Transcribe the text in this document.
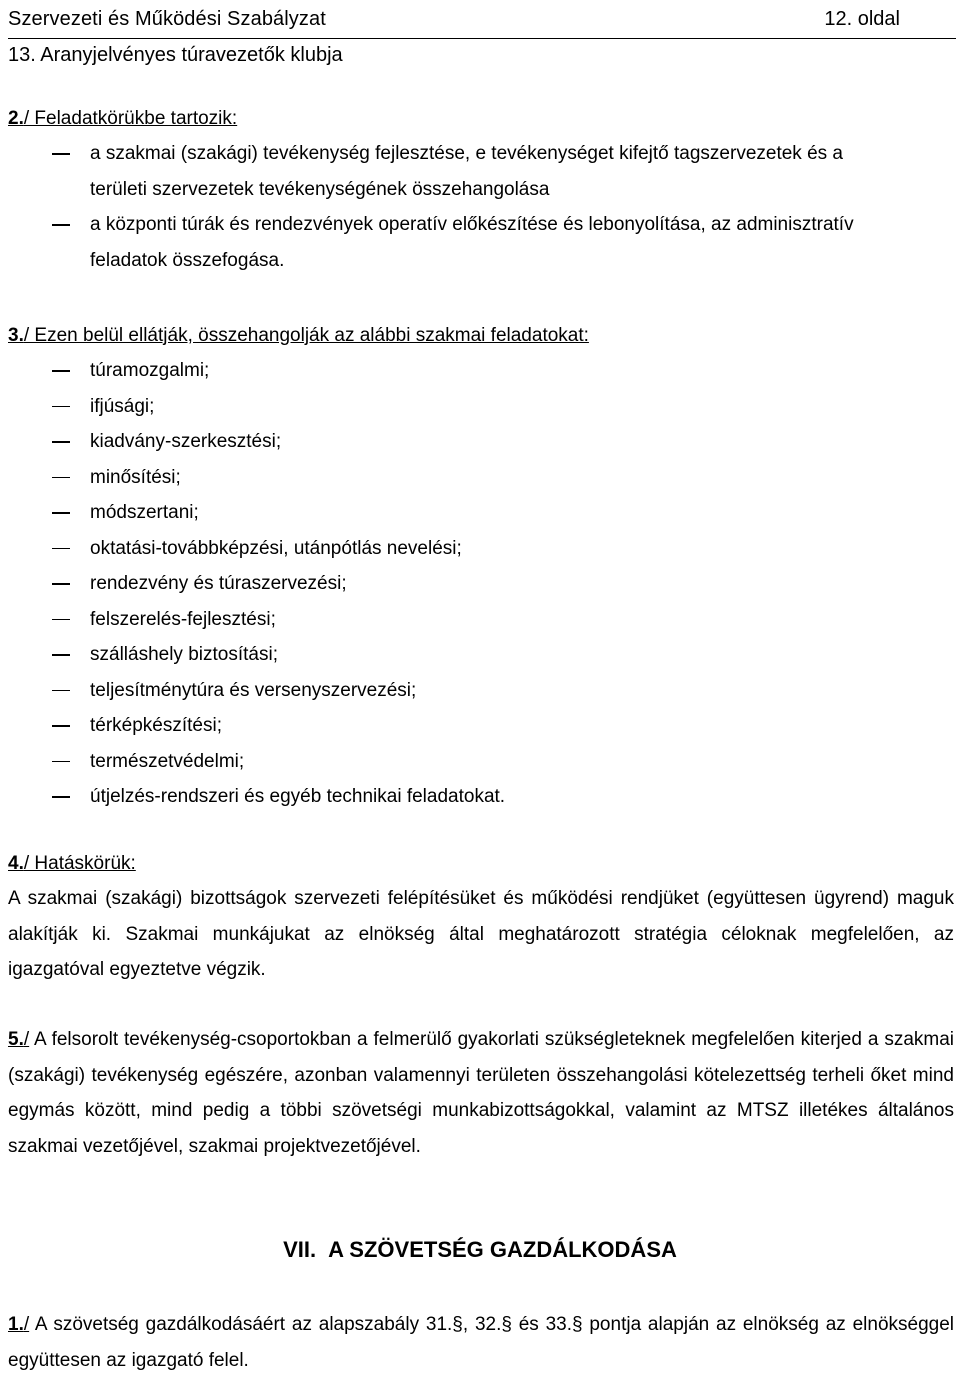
Szervezeti és Működési Szabályzat	12. oldal
13. Aranyjelvényes túravezetők klubja
2./ Feladatkörükbe tartozik:
a szakmai (szakági) tevékenység fejlesztése, e tevékenységet kifejtő tagszervezetek és a
területi szervezetek tevékenységének összehangolása
a központi túrák és rendezvények operatív előkészítése és lebonyolítása, az adminisztratív
feladatok összefogása.
3./ Ezen belül ellátják, összehangolják az alábbi szakmai feladatokat:
túramozgalmi;
ifjúsági;
kiadvány-szerkesztési;
minősítési;
módszertani;
oktatási-továbbképzési, utánpótlás nevelési;
rendezvény és túraszervezési;
felszerelés-fejlesztési;
szálláshely biztosítási;
teljesítménytúra és versenyszervezési;
térképkészítési;
természetvédelmi;
útjelzés-rendszeri és egyéb technikai feladatokat.
4./ Hatáskörük:

A szakmai (szakági) bizottságok szervezeti felépítésüket és működési rendjüket (együttesen ügyrend) maguk alakítják ki. Szakmai munkájukat az elnökség által meghatározott stratégia céloknak megfelelően, az igazgatóval egyeztetve végzik.

5./ A felsorolt tevékenység-csoportokban a felmerülő gyakorlati szükségleteknek megfelelően kiterjed a szakmai (szakági) tevékenység egészére, azonban valamennyi területen összehangolási kötelezettség terheli őket mind egymás között, mind pedig a többi szövetségi munkabizottságokkal, valamint az MTSZ illetékes általános szakmai vezetőjével, szakmai projektvezetőjével.

VII. A SZÖVETSÉG GAZDÁLKODÁSA

1./ A szövetség gazdálkodásáért az alapszabály 31.§, 32.§ és 33.§ pontja alapján az elnökség az elnökséggel együttesen az igazgató felel.
